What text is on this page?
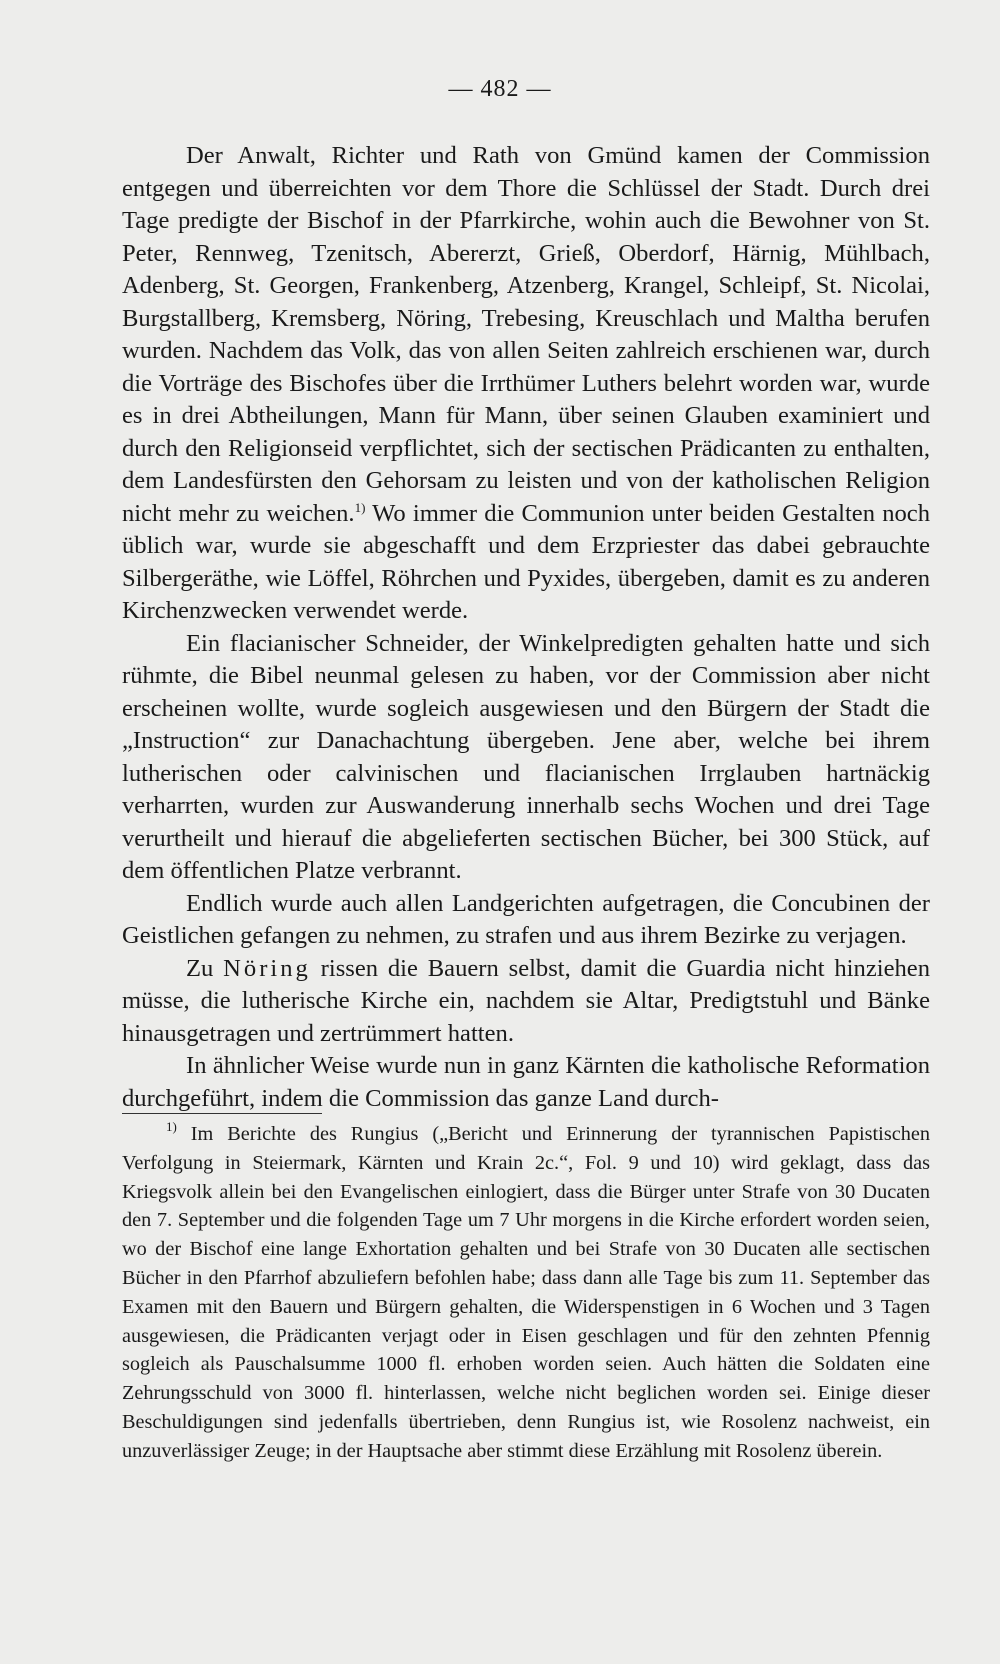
— 482 —

Der Anwalt, Richter und Rath von Gmünd kamen der Commission entgegen und überreichten vor dem Thore die Schlüssel der Stadt. Durch drei Tage predigte der Bischof in der Pfarrkirche, wohin auch die Bewohner von St. Peter, Rennweg, Tzenitsch, Abererzt, Grieß, Oberdorf, Härnig, Mühlbach, Adenberg, St. Georgen, Frankenberg, Atzenberg, Krangel, Schleipf, St. Nicolai, Burgstallberg, Kremsberg, Nöring, Trebesing, Kreuschlach und Maltha berufen wurden. Nachdem das Volk, das von allen Seiten zahlreich erschienen war, durch die Vorträge des Bischofes über die Irrthümer Luthers belehrt worden war, wurde es in drei Abtheilungen, Mann für Mann, über seinen Glauben examiniert und durch den Religionseid verpflichtet, sich der sectischen Prädicanten zu enthalten, dem Landesfürsten den Gehorsam zu leisten und von der katholischen Religion nicht mehr zu weichen.$^{1)}$ Wo immer die Communion unter beiden Gestalten noch üblich war, wurde sie abgeschafft und dem Erzpriester das dabei gebrauchte Silbergeräthe, wie Löffel, Röhrchen und Pyxides, übergeben, damit es zu anderen Kirchenzwecken verwendet werde.

Ein flacianischer Schneider, der Winkelpredigten gehalten hatte und sich rühmte, die Bibel neunmal gelesen zu haben, vor der Commission aber nicht erscheinen wollte, wurde sogleich ausgewiesen und den Bürgern der Stadt die „Instruction“ zur Danachachtung übergeben. Jene aber, welche bei ihrem lutherischen oder calvinischen und flacianischen Irrglauben hartnäckig verharrten, wurden zur Auswanderung innerhalb sechs Wochen und drei Tage verurtheilt und hierauf die abgelieferten sectischen Bücher, bei 300 Stück, auf dem öffentlichen Platze verbrannt.

Endlich wurde auch allen Landgerichten aufgetragen, die Concubinen der Geistlichen gefangen zu nehmen, zu strafen und aus ihrem Bezirke zu verjagen.

Zu Nöring rissen die Bauern selbst, damit die Guardia nicht hinziehen müsse, die lutherische Kirche ein, nachdem sie Altar, Predigtstuhl und Bänke hinausgetragen und zertrümmert hatten.

In ähnlicher Weise wurde nun in ganz Kärnten die katholische Reformation durchgeführt, indem die Commission das ganze Land durch-

$^{1)}$ Im Berichte des Rungius („Bericht und Erinnerung der tyrannischen Papistischen Verfolgung in Steiermark, Kärnten und Krain 2c.“, Fol. 9 und 10) wird geklagt, dass das Kriegsvolk allein bei den Evangelischen einlogiert, dass die Bürger unter Strafe von 30 Ducaten den 7. September und die folgenden Tage um 7 Uhr morgens in die Kirche erfordert worden seien, wo der Bischof eine lange Exhortation gehalten und bei Strafe von 30 Ducaten alle sectischen Bücher in den Pfarrhof abzuliefern befohlen habe; dass dann alle Tage bis zum 11. September das Examen mit den Bauern und Bürgern gehalten, die Widerspenstigen in 6 Wochen und 3 Tagen ausgewiesen, die Prädicanten verjagt oder in Eisen geschlagen und für den zehnten Pfennig sogleich als Pauschalsumme 1000 fl. erhoben worden seien. Auch hätten die Soldaten eine Zehrungsschuld von 3000 fl. hinterlassen, welche nicht beglichen worden sei. Einige dieser Beschuldigungen sind jedenfalls übertrieben, denn Rungius ist, wie Rosolenz nachweist, ein unzuverlässiger Zeuge; in der Hauptsache aber stimmt diese Erzählung mit Rosolenz überein.
